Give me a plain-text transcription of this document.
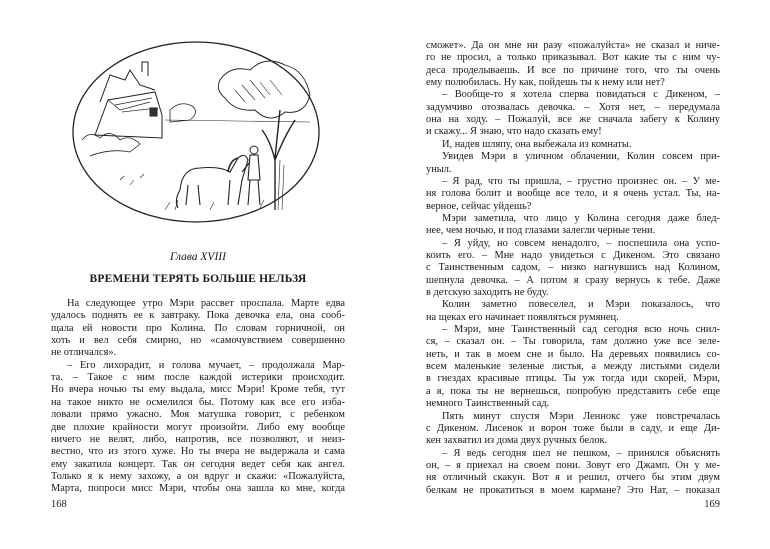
Глава XVIII
ВРЕМЕНИ ТЕРЯТЬ БОЛЬШЕ НЕЛЬЗЯ
На следующее утро Мэри рассвет проспала. Марте едва
удалось поднять ее к завтраку. Пока девочка ела, она сооб-
щала ей новости про Колина. По словам горничной, он
хоть и вел себя смирно, но «самочувствием совершенно
не отличался».
– Его лихорадит, и голова мучает, – продолжала Мар-
та. – Такое с ним после каждой истерики происходит.
Но вчера ночью ты ему выдала, мисс Мэри! Кроме тебя, тут
на такое никто не осмелился бы. Потому как все его изба-
ловали прямо ужасно. Моя матушка говорит, с ребенком
две плохие крайности могут произойти. Либо ему вообще
ничего не велят, либо, напротив, все позволяют, и неиз-
вестно, что из этого хуже. Но ты вчера не выдержала и сама
ему закатила концерт. Так он сегодня ведет себя как ангел.
Только я к нему захожу, а он вдруг и скажи: «Пожалуйста,
Марта, попроси мисс Мэри, чтобы она зашла ко мне, когда
сможет». Да он мне ни разу «пожалуйста» не сказал и ниче-
го не просил, а только приказывал. Вот какие ты с ним чу-
деса проделываешь. И все по причине того, что ты очень
ему полюбилась. Ну как, пойдешь ты к нему или нет?
– Вообще-то я хотела сперва повидаться с Дикеном, –
задумчиво отозвалась девочка. – Хотя нет, – передумала
она на ходу. – Пожалуй, все же сначала забегу к Колину
и скажу... Я знаю, что надо сказать ему!
И, надев шляпу, она выбежала из комнаты.
Увидев Мэри в уличном облачении, Колин совсем при-
уныл.
– Я рад, что ты пришла, – грустно произнес он. – У ме-
ня голова болит и вообще все тело, и я очень устал. Ты, на-
верное, сейчас уйдешь?
Мэри заметила, что лицо у Колина сегодня даже блед-
нее, чем ночью, и под глазами залегли черные тени.
– Я уйду, но совсем ненадолго, – поспешила она успо-
коить его. – Мне надо увидеться с Дикеном. Это связано
с Таинственным садом, – низко нагнувшись над Колином,
шепнула девочка. – А потом я сразу вернусь к тебе. Даже
в детскую заходить не буду.
Колин заметно повеселел, и Мэри показалось, что
на щеках его начинает появляться румянец.
– Мэри, мне Таинственный сад сегодня всю ночь снил-
ся, – сказал он. – Ты говорила, там должно уже все зеле-
неть, и так в моем сне и было. На деревьях появились со-
всем маленькие зеленые листья, а между листьями сидели
в гнездах красивые птицы. Ты уж тогда иди скорей, Мэри,
а я, пока ты не вернешься, попробую представить себе еще
немного Таинственный сад.
Пять минут спустя Мэри Леннокс уже повстречалась
с Дикеном. Лисенок и ворон тоже были в саду, и еще Ди-
кен захватил из дома двух ручных белок.
– Я ведь сегодня шел не пешком, – принялся объяснять
он, – я приехал на своем пони. Зовут его Джамп. Он у ме-
ня отличный скакун. Вот я и решил, отчего бы этим двум
белкам не прокатиться в моем кармане? Это Нат, – показал
168	169
